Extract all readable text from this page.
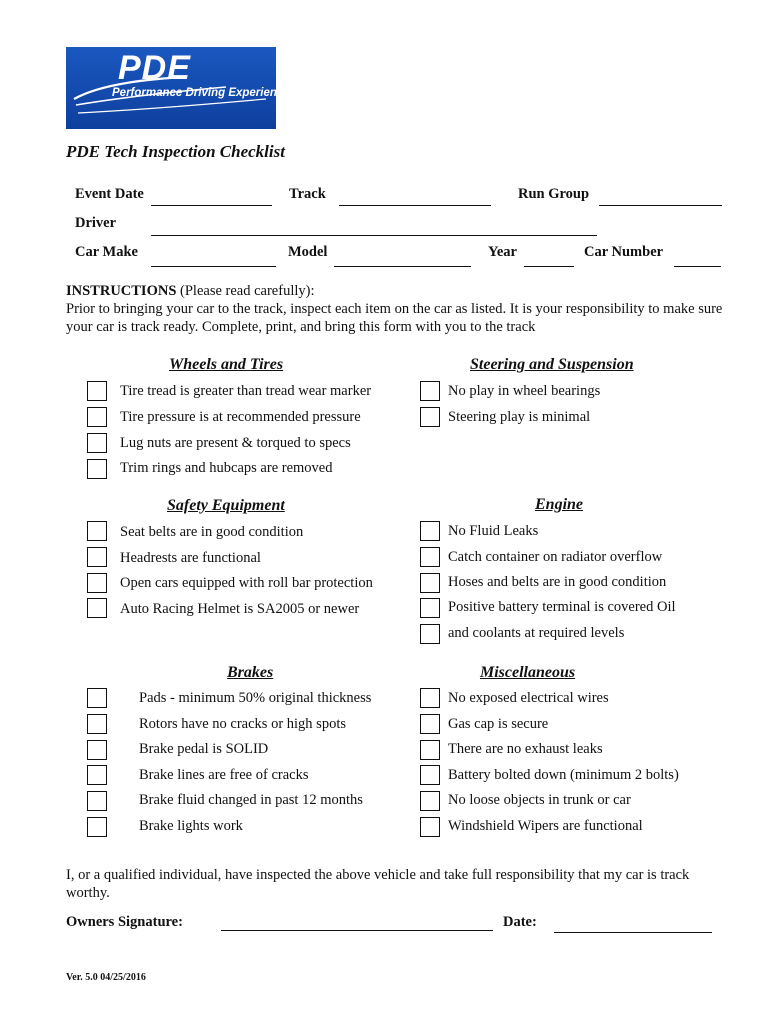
PDE
Performance Driving Experience
PDE Tech Inspection Checklist
Event Date	Track	Run Group
Driver
Car Make	Model	Year	Car Number
INSTRUCTIONS (Please read carefully):
Prior to bringing your car to the track, inspect each item on the car as listed. It is your responsibility to make sure your car is track ready. Complete, print, and bring this form with you to the track
Wheels and Tires	Steering and Suspension
Safety Equipment	Engine
Brakes	Miscellaneous
Tire tread is greater than tread wear marker
Tire pressure is at recommended pressure
Lug nuts are present & torqued to specs
Trim rings and hubcaps are removed
No play in wheel bearings
Steering play is minimal
Seat belts are in good condition
Headrests are functional
Open cars equipped with roll bar protection
Auto Racing Helmet is SA2005 or newer
No Fluid Leaks
Catch container on radiator overflow
Hoses and belts are in good condition
Positive battery terminal is covered Oil
and coolants at required levels
Pads - minimum 50% original thickness
Rotors have no cracks or high spots
Brake pedal is SOLID
Brake lines are free of cracks
Brake fluid changed in past 12 months
Brake lights work
No exposed electrical wires
Gas cap is secure
There are no exhaust leaks
Battery bolted down (minimum 2 bolts)
No loose objects in trunk or car
Windshield Wipers are functional
I, or a qualified individual, have inspected the above vehicle and take full responsibility that my car is track worthy.
Owners Signature:	Date:
Ver. 5.0 04/25/2016
